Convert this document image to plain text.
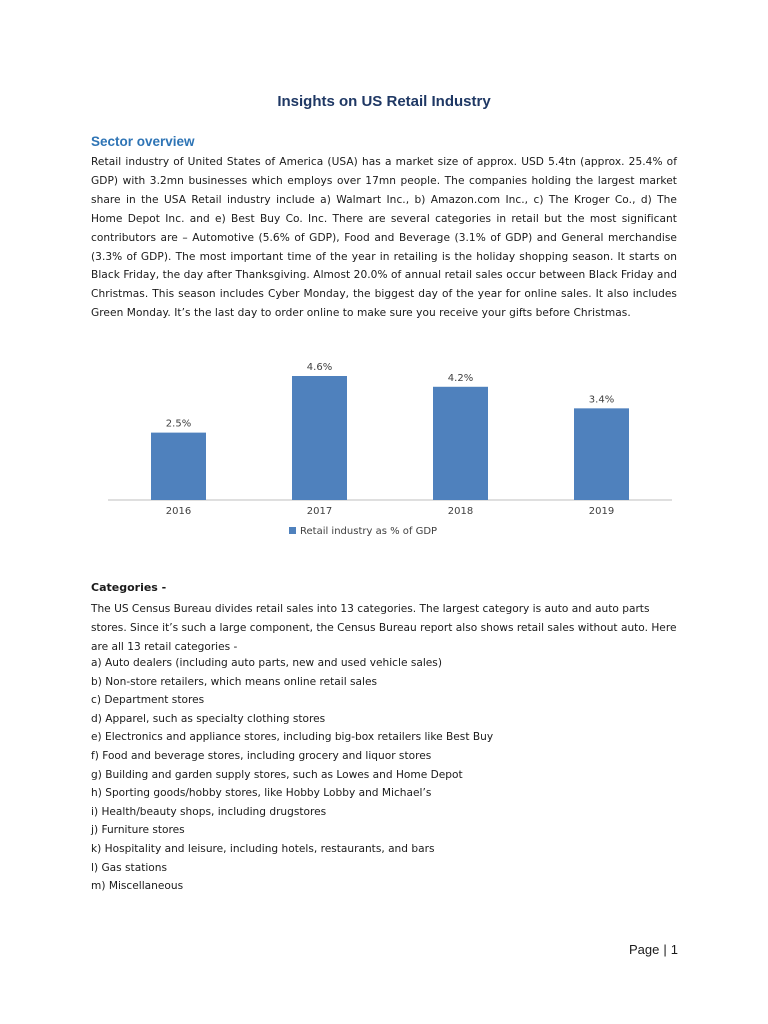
Insights on US Retail Industry
Sector overview
Retail industry of United States of America (USA) has a market size of approx. USD 5.4tn (approx. 25.4% of GDP) with 3.2mn businesses which employs over 17mn people. The companies holding the largest market share in the USA Retail industry include a) Walmart Inc., b) Amazon.com Inc., c) The Kroger Co., d) The Home Depot Inc. and e) Best Buy Co. Inc. There are several categories in retail but the most significant contributors are – Automotive (5.6% of GDP), Food and Beverage (3.1% of GDP) and General merchandise (3.3% of GDP). The most important time of the year in retailing is the holiday shopping season. It starts on Black Friday, the day after Thanksgiving. Almost 20.0% of annual retail sales occur between Black Friday and Christmas. This season includes Cyber Monday, the biggest day of the year for online sales. It also includes Green Monday. It’s the last day to order online to make sure you receive your gifts before Christmas.
2.5%
2016
4.6%
2017
4.2%
2018
3.4%
2019
Retail industry as % of GDP
Categories -
The US Census Bureau divides retail sales into 13 categories. The largest category is auto and auto parts stores. Since it’s such a large component, the Census Bureau report also shows retail sales without auto. Here are all 13 retail categories -
a) Auto dealers (including auto parts, new and used vehicle sales)
b) Non-store retailers, which means online retail sales
c) Department stores
d) Apparel, such as specialty clothing stores
e) Electronics and appliance stores, including big-box retailers like Best Buy
f) Food and beverage stores, including grocery and liquor stores
g) Building and garden supply stores, such as Lowes and Home Depot
h) Sporting goods/hobby stores, like Hobby Lobby and Michael’s
i) Health/beauty shops, including drugstores
j) Furniture stores
k) Hospitality and leisure, including hotels, restaurants, and bars
l) Gas stations
m) Miscellaneous
Page | 1
